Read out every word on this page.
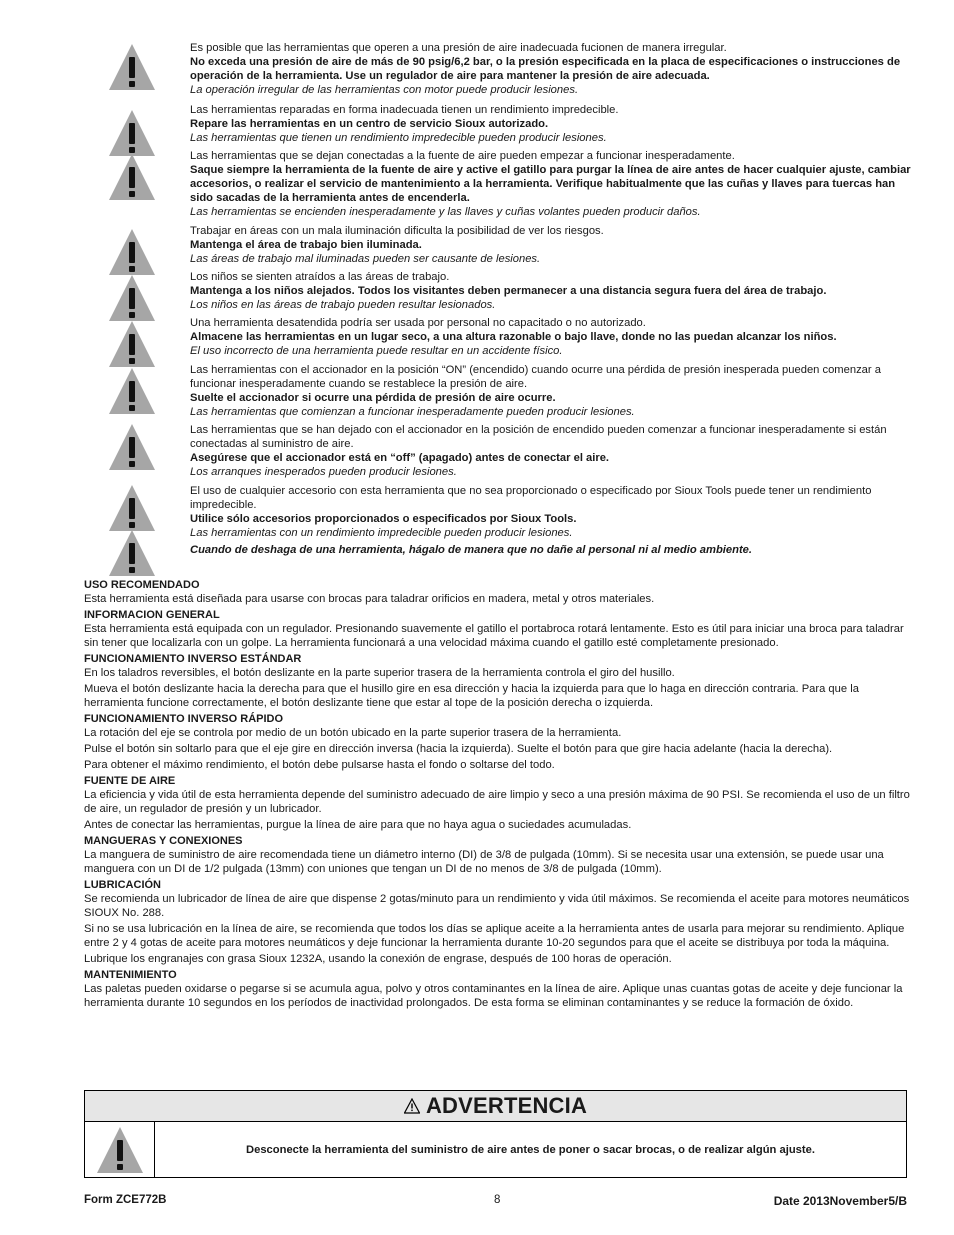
Es posible que las herramientas que operen a una presión de aire inadecuada fucionen de manera irregular.
No exceda una presión de aire de más de 90 psig/6,2 bar, o la presión especificada en la placa de especificaciones o instrucciones de operación de la herramienta. Use un regulador de aire para mantener la presión de aire adecuada.
La operación irregular de las herramientas con motor puede producir lesiones.
Las herramientas reparadas en forma inadecuada tienen un rendimiento impredecible.
Repare las herramientas en un centro de servicio Sioux autorizado.
Las herramientas que tienen un rendimiento impredecible pueden producir lesiones.
Las herramientas que se dejan conectadas a la fuente de aire pueden empezar a funcionar inesperadamente.
Saque siempre la herramienta de la fuente de aire y active el gatillo para purgar la línea de aire antes de hacer cualquier ajuste, cambiar accesorios, o realizar el servicio de mantenimiento a la herramienta. Verifique habitualmente que las cuñas y llaves para tuercas han sido sacadas de la herramienta antes de encenderla.
Las herramientas se encienden inesperadamente y las llaves y cuñas volantes pueden producir daños.
Trabajar en áreas con un mala iluminación dificulta la posibilidad de ver los riesgos.
Mantenga el área de trabajo bien iluminada.
Las áreas de trabajo mal iluminadas pueden ser causante de lesiones.
Los niños se sienten atraídos a las áreas de trabajo.
Mantenga a los niños alejados. Todos los visitantes deben permanecer a una distancia segura fuera del área de trabajo.
Los niños en las áreas de trabajo pueden resultar lesionados.
Una herramienta desatendida podría ser usada por personal no capacitado o no autorizado.
Almacene las herramientas en un lugar seco, a una altura razonable o bajo llave, donde no las puedan alcanzar los niños.
El uso incorrecto de una herramienta puede resultar en un accidente físico.
Las herramientas con el accionador en la posición “ON” (encendido) cuando ocurre una pérdida de presión inesperada pueden comenzar a funcionar inesperadamente cuando se restablece la presión de aire.
Suelte el accionador si ocurre una pérdida de presión de aire ocurre.
Las herramientas que comienzan a funcionar inesperadamente pueden producir lesiones.
Las herramientas que se han dejado con el accionador en la posición de encendido pueden comenzar a funcionar inesperadamente si están conectadas al suministro de aire.
Asegúrese que el accionador está en “off” (apagado) antes de conectar el aire.
Los arranques inesperados pueden producir lesiones.
El uso de cualquier accesorio con esta herramienta que no sea proporcionado o especificado por Sioux Tools puede tener un rendimiento impredecible.
Utilice sólo accesorios proporcionados o especificados por Sioux Tools.
Las herramientas con un rendimiento impredecible pueden producir lesiones.
Cuando de deshaga de una herramienta, hágalo de manera que no dañe al personal ni al medio ambiente.
USO RECOMENDADO

Esta herramienta está diseñada para usarse con brocas para taladrar orificios en madera, metal y otros materiales.

INFORMACION GENERAL

Esta herramienta está equipada con un regulador. Presionando suavemente el gatillo el portabroca rotará lentamente. Esto es útil para iniciar una broca para taladrar sin tener que localizarla con un golpe. La herramienta funcionará a una velocidad máxima cuando el gatillo esté completamente presionado.

FUNCIONAMIENTO INVERSO ESTÁNDAR

En los taladros reversibles, el botón deslizante en la parte superior trasera de la herramienta controla el giro del husillo.

Mueva el botón deslizante hacia la derecha para que el husillo gire en esa dirección y hacia la izquierda para que lo haga en dirección contraria. Para que la herramienta funcione correctamente, el botón deslizante tiene que estar al tope de la posición derecha o izquierda.

FUNCIONAMIENTO INVERSO RÁPIDO

La rotación del eje se controla por medio de un botón ubicado en la parte superior trasera de la herramienta.

Pulse el botón sin soltarlo para que el eje gire en dirección inversa (hacia la izquierda). Suelte el botón para que gire hacia adelante (hacia la derecha).

Para obtener el máximo rendimiento, el botón debe pulsarse hasta el fondo o soltarse del todo.

FUENTE DE AIRE

La eficiencia y vida útil de esta herramienta depende del suministro adecuado de aire limpio y seco a una presión máxima de 90 PSI. Se recomienda el uso de un filtro de aire, un regulador de presión y un lubricador.

Antes de conectar las herramientas, purgue la línea de aire para que no haya agua o suciedades acumuladas.

MANGUERAS Y CONEXIONES

La manguera de suministro de aire recomendada tiene un diámetro interno (DI) de 3/8 de pulgada (10mm). Si se necesita usar una extensión, se puede usar una manguera con un DI de 1/2 pulgada (13mm) con uniones que tengan un DI de no menos de 3/8 de pulgada (10mm).

LUBRICACIÓN

Se recomienda un lubricador de línea de aire que dispense 2 gotas/minuto para un rendimiento y vida útil máximos. Se recomienda el aceite para motores neumáticos SIOUX No. 288.

Si no se usa lubricación en la línea de aire, se recomienda que todos los días se aplique aceite a la herramienta antes de usarla para mejorar su rendimiento. Aplique entre 2 y 4 gotas de aceite para motores neumáticos y deje funcionar la herramienta durante 10-20 segundos para que el aceite se distribuya por toda la máquina.

Lubrique los engranajes con grasa Sioux 1232A, usando la conexión de engrase, después de 100 horas de operación.

MANTENIMIENTO

Las paletas pueden oxidarse o pegarse si se acumula agua, polvo y otros contaminantes en la línea de aire. Aplique unas cuantas gotas de aceite y deje funcionar la herramienta durante 10 segundos en los períodos de inactividad prolongados. De esta forma se eliminan contaminantes y se reduce la formación de óxido.

ADVERTENCIA
Desconecte la herramienta del suministro de aire antes de poner o sacar brocas, o de realizar algún ajuste.
Form ZCE772B	8	Date 2013November5/B
